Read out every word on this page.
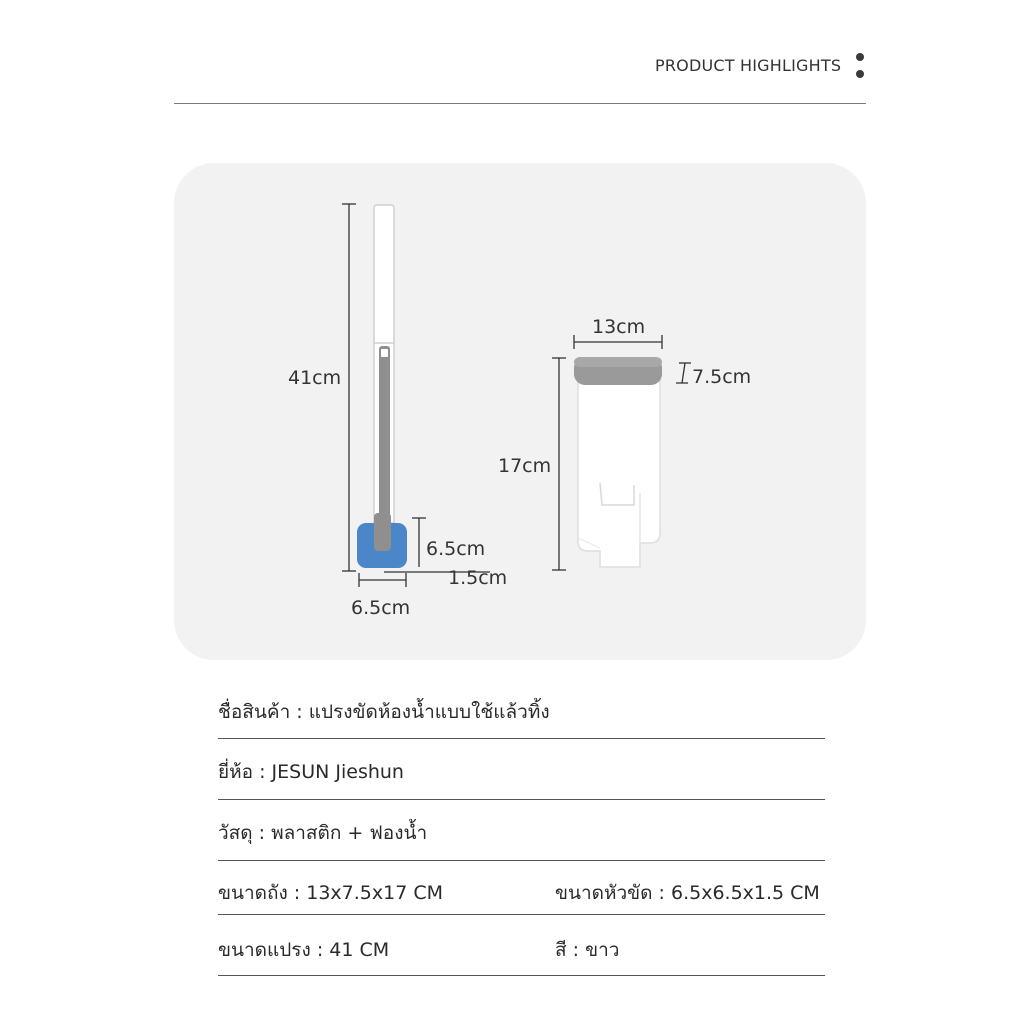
PRODUCT HIGHLIGHTS
41cm
6.5cm
1.5cm
6.5cm
13cm
7.5cm
17cm
ชื่อสินค้า : แปรงขัดห้องน้ำแบบใช้แล้วทิ้ง
ยี่ห้อ : JESUN Jieshun
วัสดุ : พลาสติก + ฟองน้ำ
ขนาดถัง : 13x7.5x17 CM	ขนาดหัวขัด : 6.5x6.5x1.5 CM
ขนาดแปรง : 41 CM	สี : ขาว
